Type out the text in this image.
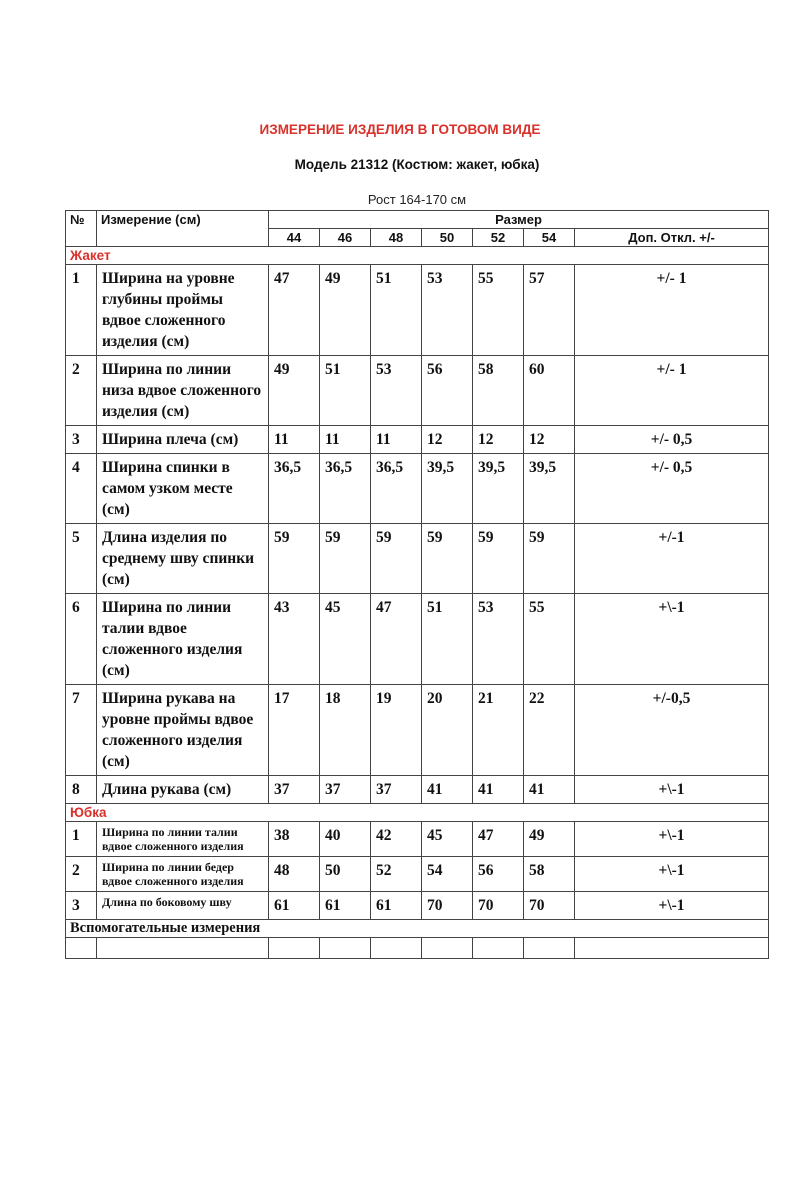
ИЗМЕРЕНИЕ ИЗДЕЛИЯ В ГОТОВОМ ВИДЕ
Модель 21312 (Костюм: жакет, юбка)
Рост 164-170 см
№	Измерение (см)	Размер						
		44	46	48	50	52	54	Доп. Откл. +/-
Жакет								
1	Ширина на уровне глубины проймы вдвое сложенного изделия (см)	47	49	51	53	55	57	+/- 1
2	Ширина по линии низа вдвое сложенного изделия (см)	49	51	53	56	58	60	+/- 1
3	Ширина плеча (см)	11	11	11	12	12	12	+/- 0,5
4	Ширина спинки в самом узком месте (см)	36,5	36,5	36,5	39,5	39,5	39,5	+/- 0,5
5	Длина изделия по среднему шву спинки (см)	59	59	59	59	59	59	+/-1
6	Ширина по линии талии вдвое сложенного изделия (см)	43	45	47	51	53	55	+\-1
7	Ширина рукава на уровне проймы вдвое сложенного изделия (см)	17	18	19	20	21	22	+/-0,5
8	Длина рукава (см)	37	37	37	41	41	41	+\-1
Юбка								
1	Ширина по линии талии вдвое сложенного изделия	38	40	42	45	47	49	+\-1
2	Ширина по линии бедер вдвое сложенного изделия	48	50	52	54	56	58	+\-1
3	Длина по боковому шву	61	61	61	70	70	70	+\-1
Вспомогательные измерения								
